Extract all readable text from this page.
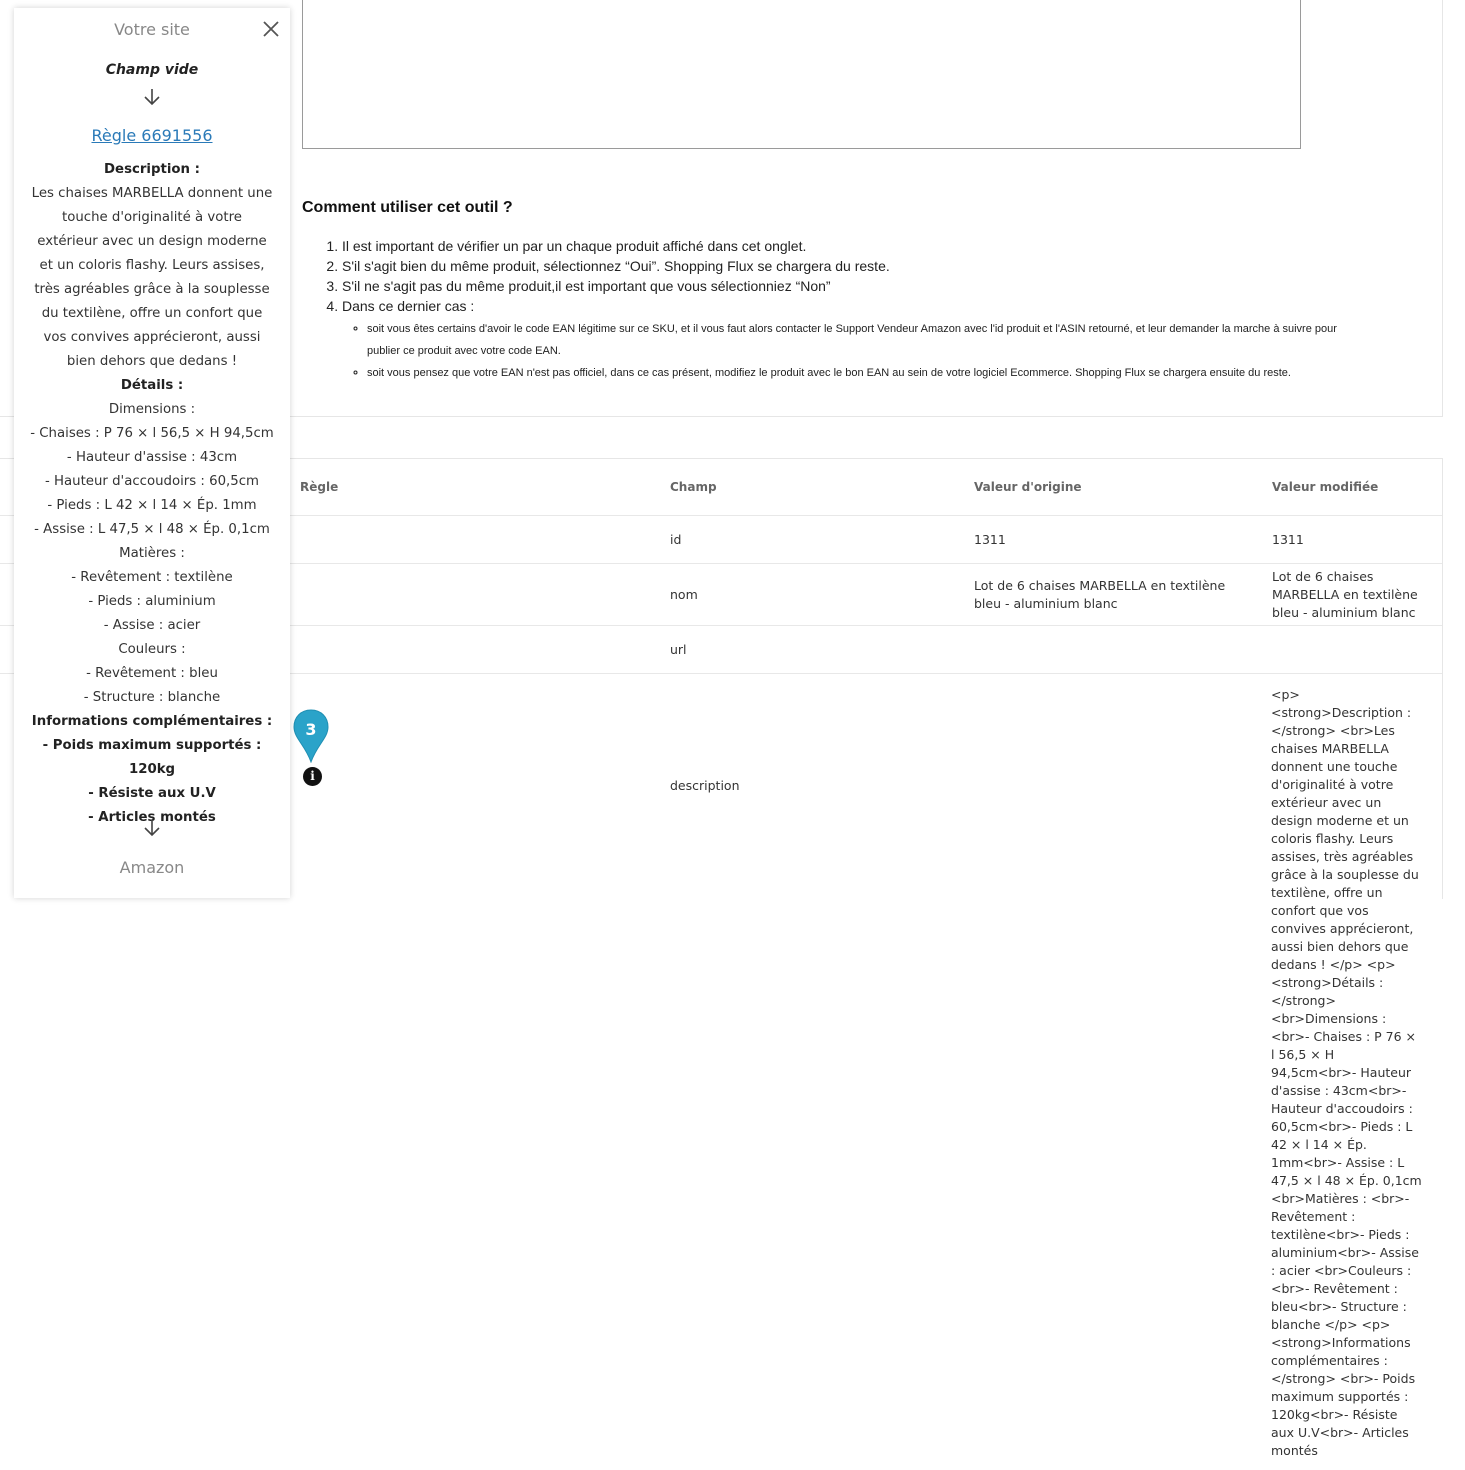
Comment utiliser cet outil ?
1. Il est important de vérifier un par un chaque produit affiché dans cet onglet.
2. S'il s'agit bien du même produit, sélectionnez “Oui”. Shopping Flux se chargera du reste.
3. S'il ne s'agit pas du même produit,il est important que vous sélectionniez “Non”
4. Dans ce dernier cas :
◦ soit vous êtes certains d'avoir le code EAN légitime sur ce SKU, et il vous faut alors contacter le Support Vendeur Amazon avec l'id produit et l'ASIN retourné, et leur demander la marche à suivre pour publier ce produit avec votre code EAN.
◦ soit vous pensez que votre EAN n'est pas officiel, dans ce cas présent, modifiez le produit avec le bon EAN au sein de votre logiciel Ecommerce. Shopping Flux se chargera ensuite du reste.
Règle	Champ	Valeur d'origine	Valeur modifiée
	id	1311	1311
	nom	Lot de 6 chaises MARBELLA en textilène bleu - aluminium blanc	Lot de 6 chaises MARBELLA en textilène bleu - aluminium blanc
	url		
	description		<p> <strong>Description :</strong> <br>Les chaises MARBELLA donnent une touche d'originalité à votre extérieur avec un design moderne et un coloris flashy. Leurs assises, très agréables grâce à la souplesse du textilène, offre un confort que vos convives apprécieront, aussi bien dehors que dedans ! </p> <p> <strong>Détails :</strong> <br>Dimensions : <br>- Chaises : P 76 × l 56,5 × H 94,5cm<br>- Hauteur d'assise : 43cm<br>- Hauteur d'accoudoirs : 60,5cm<br>- Pieds : L 42 × l 14 × Ép. 1mm<br>- Assise : L 47,5 × l 48 × Ép. 0,1cm <br>Matières : <br>- Revêtement : textilène<br>- Pieds : aluminium<br>- Assise : acier <br>Couleurs : <br>- Revêtement : bleu<br>- Structure : blanche </p> <p> <strong>Informations complémentaires :</strong> <br>- Poids maximum supportés : 120kg<br>- Résiste aux U.V<br>- Articles montés
3
i
Votre site
Champ vide
Règle 6691556
Description :
Les chaises MARBELLA donnent une touche d'originalité à votre extérieur avec un design moderne et un coloris flashy. Leurs assises, très agréables grâce à la souplesse du textilène, offre un confort que vos convives apprécieront, aussi bien dehors que dedans !
Détails :
Dimensions :
- Chaises : P 76 × l 56,5 × H 94,5cm
- Hauteur d'assise : 43cm
- Hauteur d'accoudoirs : 60,5cm
- Pieds : L 42 × l 14 × Ép. 1mm
- Assise : L 47,5 × l 48 × Ép. 0,1cm
Matières :
- Revêtement : textilène
- Pieds : aluminium
- Assise : acier
Couleurs :
- Revêtement : bleu
- Structure : blanche
Informations complémentaires :
- Poids maximum supportés : 120kg
- Résiste aux U.V
- Articles montés
Amazon
